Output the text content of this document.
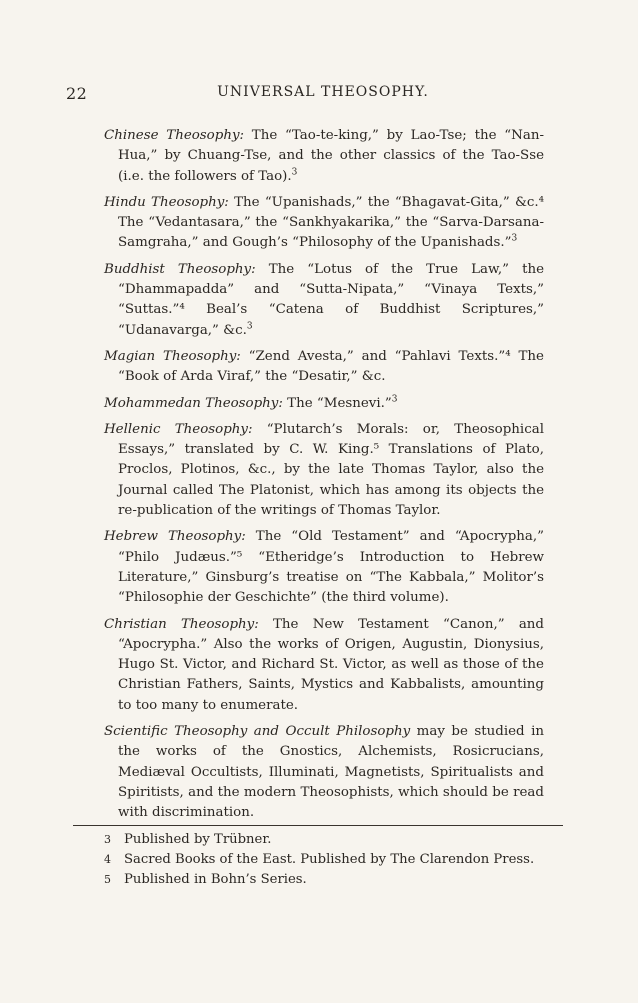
22	UNIVERSAL THEOSOPHY.

Chinese Theosophy: The “Tao-te-king,” by Lao-Tse; the “Nan-Hua,” by Chuang-Tse, and the other classics of the Tao-Sse (i.e. the followers of Tao).$^3$

Hindu Theosophy: The “Upanishads,” the “Bhagavat-Gita,” &c.⁴ The “Vedantasara,” the “Sankhyakarika,” the “Sarva-Darsana-Samgraha,” and Gough’s “Philosophy of the Upanishads.”$^3$

Buddhist Theosophy: The “Lotus of the True Law,” the “Dhammapadda” and “Sutta-Nipata,” “Vinaya Texts,” “Suttas.”⁴ Beal’s “Catena of Buddhist Scriptures,” “Udanavarga,” &c.$^3$

Magian Theosophy: “Zend Avesta,” and “Pahlavi Texts.”⁴ The “Book of Arda Viraf,” the “Desatir,” &c.

Mohammedan Theosophy: The “Mesnevi.”$^3$

Hellenic Theosophy: “Plutarch’s Morals: or, Theosophical Essays,” translated by C. W. King.⁵ Translations of Plato, Proclos, Plotinos, &c., by the late Thomas Taylor, also the Journal called The Platonist, which has among its objects the re-publication of the writings of Thomas Taylor.

Hebrew Theosophy: The “Old Testament” and “Apocrypha,” “Philo Judæus.”⁵ “Etheridge’s Introduction to Hebrew Literature,” Ginsburg’s treatise on “The Kabbala,” Molitor’s “Philosophie der Geschichte” (the third volume).

Christian Theosophy: The New Testament “Canon,” and “Apocrypha.” Also the works of Origen, Augustin, Dionysius, Hugo St. Victor, and Richard St. Victor, as well as those of the Christian Fathers, Saints, Mystics and Kabbalists, amounting to too many to enumerate.

Scientific Theosophy and Occult Philosophy may be studied in the works of the Gnostics, Alchemists, Rosicrucians, Mediæval Occultists, Illuminati, Magnetists, Spiritualists and Spiritists, and the modern Theosophists, which should be read with discrimination.

3 Published by Trübner.
4 Sacred Books of the East. Published by The Clarendon Press.
5 Published in Bohn’s Series.
